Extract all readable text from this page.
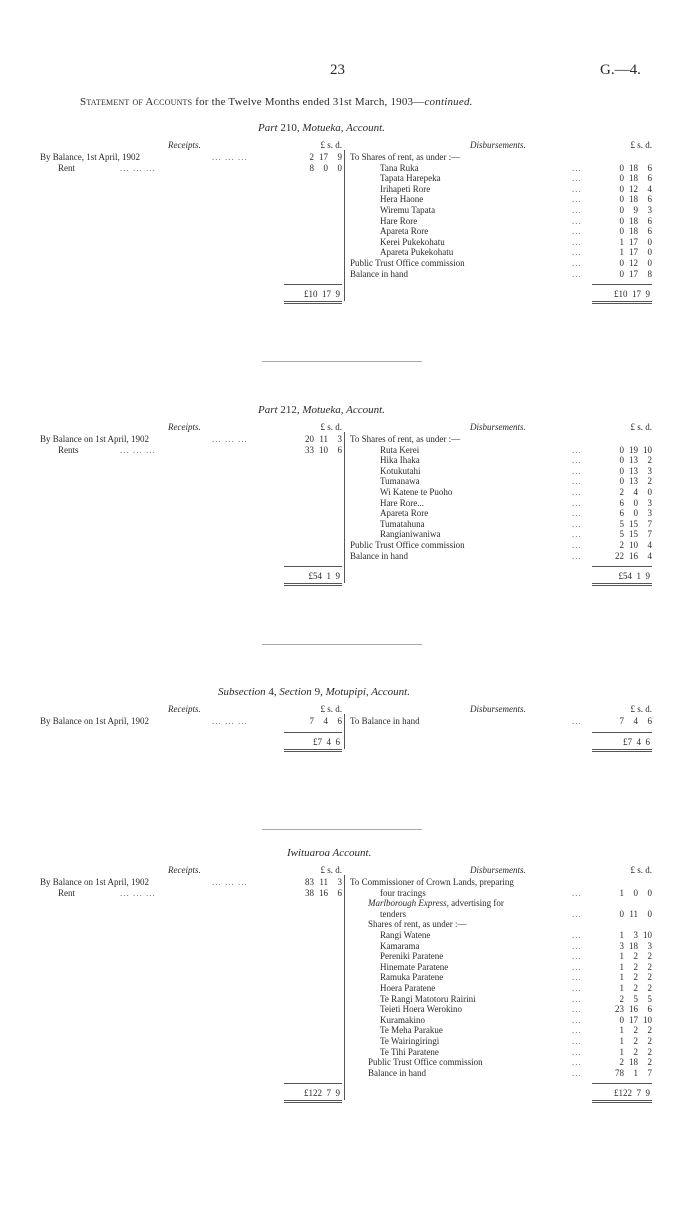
23	G.—4.
Statement of Accounts for the Twelve Months ended 31st March, 1903—continued.
Part 210, Motueka, Account.
Receipts.	£ s. d.	Disbursements.	£ s. d.
By Balance, 1st April, 1902	... ... ...	2 17 9
Rent	... ... ...	8 0 0
To Shares of rent, as under :—
Tana Ruka	...	0 18 6
Tapata Harepeka	...	0 18 6
Irihapeti Rore	...	0 12 4
Hera Haone	...	0 18 6
Wiremu Tapata	...	0 9 3
Hare Rore	...	0 18 6
Apareta Rore	...	0 18 6
Kerei Pukekohatu	...	1 17 0
Apareta Pukekohatu	...	1 17 0
Public Trust Office commission	...	0 12 0
Balance in hand	...	0 17 8
£10 17 9	£10 17 9
Part 212, Motueka, Account.
Receipts.	£ s. d.	Disbursements.	£ s. d.
By Balance on 1st April, 1902	... ... ...	20 11 3
Rents	... ... ...	33 10 6
To Shares of rent, as under :—
Ruta Kerei	...	0 19 10
Hika Ihaka	...	0 13 2
Kotukutahi	...	0 13 3
Tumanawa	...	0 13 2
Wi Katene te Puoho	...	2 4 0
Hare Rore...	...	6 0 3
Apareta Rore	...	6 0 3
Tumatahuna	...	5 15 7
Rangianiwaniwa	...	5 15 7
Public Trust Office commission	...	2 10 4
Balance in hand	...	22 16 4
£54 1 9	£54 1 9
Subsection 4, Section 9, Motupipi, Account.
Receipts.	£ s. d.	Disbursements.	£ s. d.
By Balance on 1st April, 1902	... ... ...	7 4 6 To Balance in hand	...	7 4 6
£7 4 6	£7 4 6
Iwituaroa Account.
Receipts.	£ s. d.	Disbursements.	£ s. d.
By Balance on 1st April, 1902	... ... ...	83 11 3
Rent	... ... ...	38 16 6
To Commissioner of Crown Lands, preparing
four tracings	...	1 0 0
Marlborough Express, advertising for
tenders	...	0 11 0
Shares of rent, as under :—
Rangi Watene	...	1 3 10
Kamarama	...	3 18 3
Pereniki Paratene	...	1 2 2
Hinemate Paratene	...	1 2 2
Ramuka Paratene	...	1 2 2
Hoera Paratene	...	1 2 2
Te Rangi Matotoru Rairini	...	2 5 5
Teieti Hoera Werokino	...	23 16 6
Kuramakino	...	0 17 10
Te Meha Parakue	...	1 2 2
Te Wairingiringi	...	1 2 2
Te Tihi Paratene	...	1 2 2
Public Trust Office commission	...	2 18 2
Balance in hand	...	78 1 7
£122 7 9	£122 7 9
